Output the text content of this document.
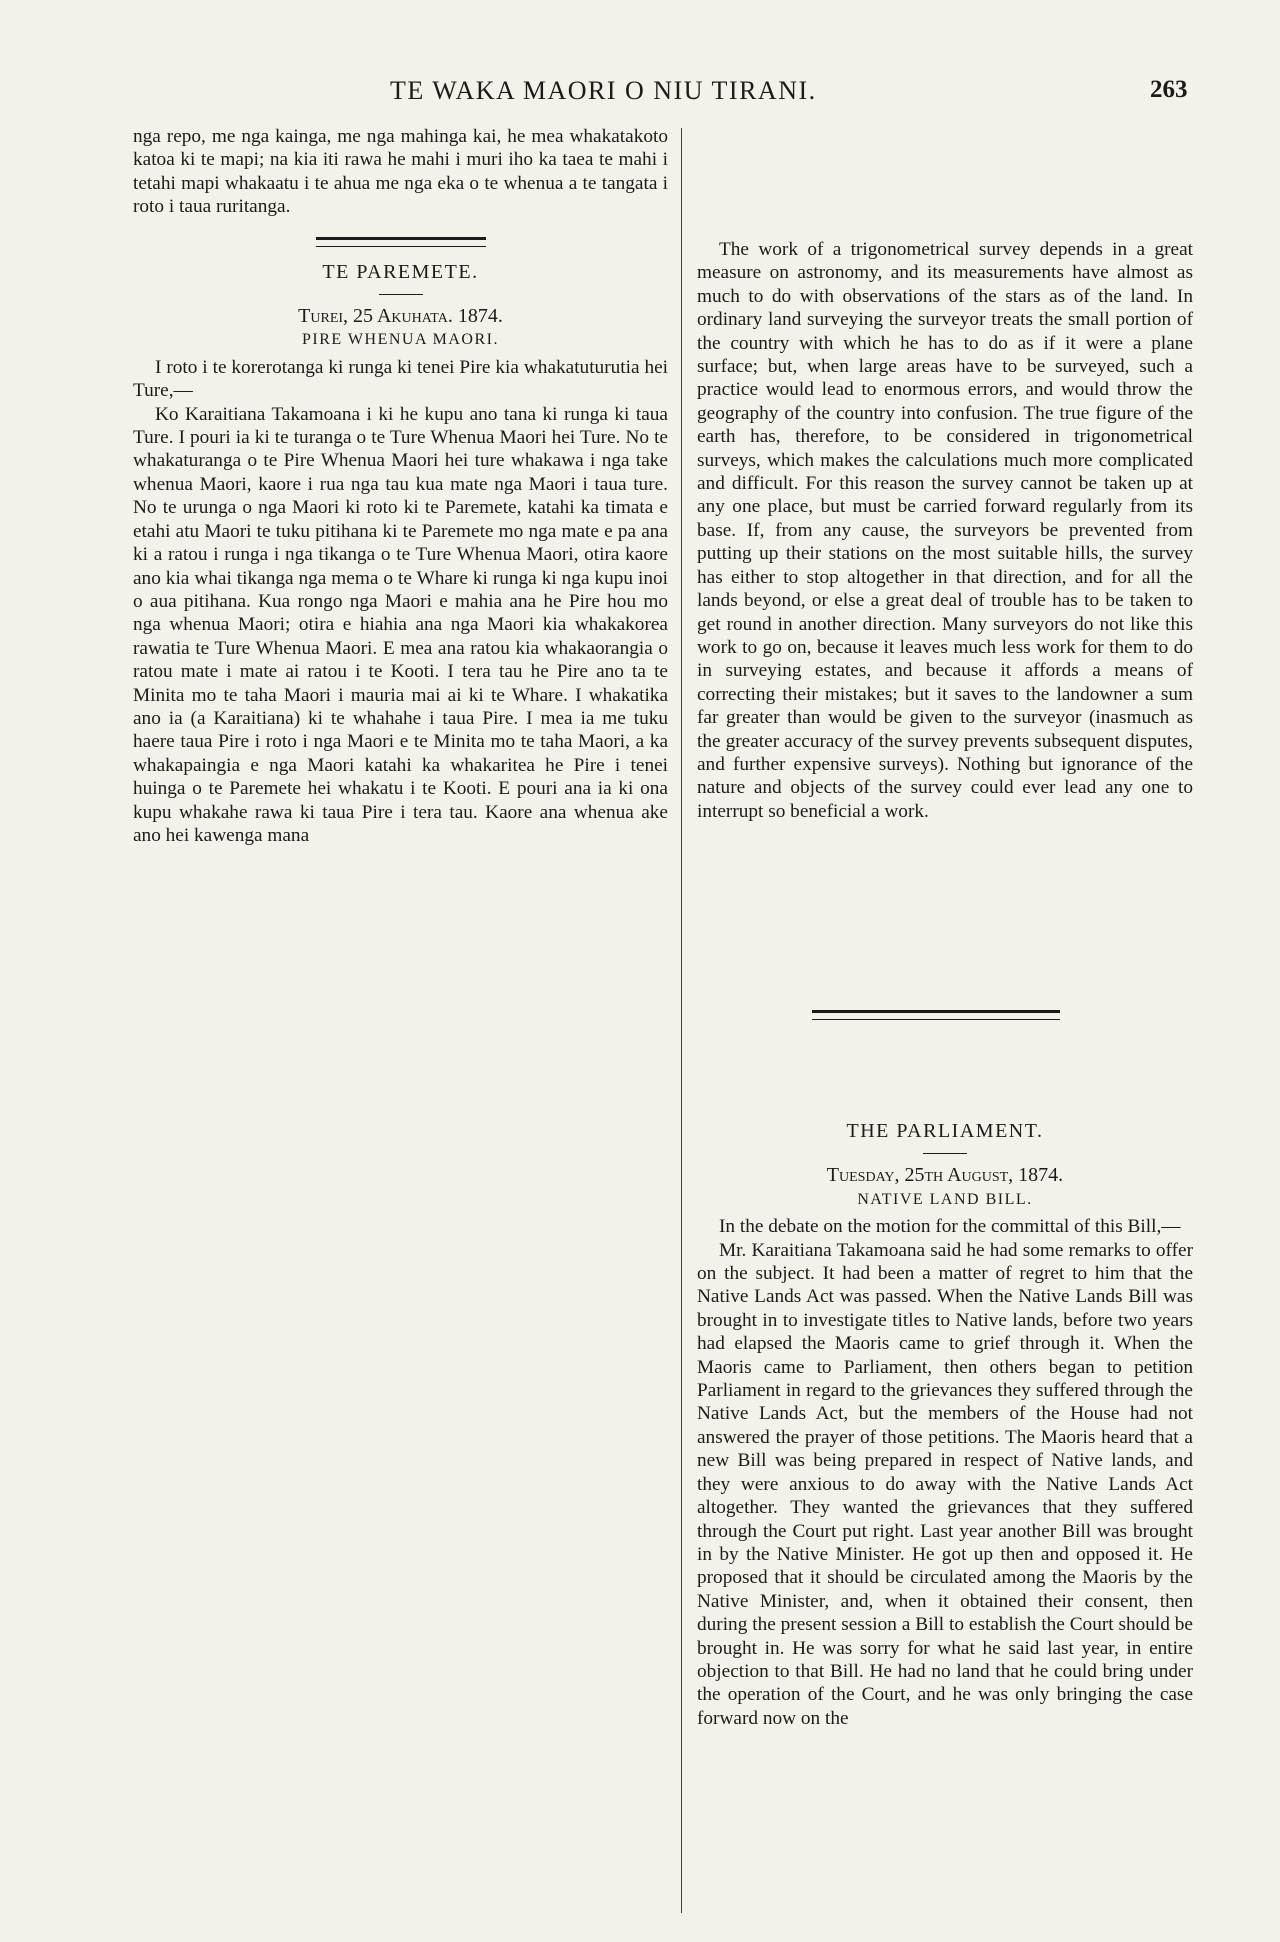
TE WAKA MAORI O NIU TIRANI.	263

nga repo, me nga kainga, me nga mahinga kai, he mea whakatakoto katoa ki te mapi; na kia iti rawa he mahi i muri iho ka taea te mahi i tetahi mapi whakaatu i te ahua me nga eka o te whenua a te tangata i roto i taua ruritanga.

TE PAREMETE.
Turei, 25 Akuhata. 1874.
PIRE WHENUA MAORI.

I roto i te korerotanga ki runga ki tenei Pire kia whakatuturutia hei Ture,—

Ko Karaitiana Takamoana i ki he kupu ano tana ki runga ki taua Ture. I pouri ia ki te turanga o te Ture Whenua Maori hei Ture. No te whakaturanga o te Pire Whenua Maori hei ture whakawa i nga take whenua Maori, kaore i rua nga tau kua mate nga Maori i taua ture. No te urunga o nga Maori ki roto ki te Paremete, katahi ka timata e etahi atu Maori te tuku pitihana ki te Paremete mo nga mate e pa ana ki a ratou i runga i nga tikanga o te Ture Whenua Maori, otira kaore ano kia whai tikanga nga mema o te Whare ki runga ki nga kupu inoi o aua pitihana. Kua rongo nga Maori e mahia ana he Pire hou mo nga whenua Maori; otira e hiahia ana nga Maori kia whakakorea rawatia te Ture Whenua Maori. E mea ana ratou kia whakaorangia o ratou mate i mate ai ratou i te Kooti. I tera tau he Pire ano ta te Minita mo te taha Maori i mauria mai ai ki te Whare. I whakatika ano ia (a Karaitiana) ki te whahahe i taua Pire. I mea ia me tuku haere taua Pire i roto i nga Maori e te Minita mo te taha Maori, a ka whakapaingia e nga Maori katahi ka whakaritea he Pire i tenei huinga o te Paremete hei whakatu i te Kooti. E pouri ana ia ki ona kupu whakahe rawa ki taua Pire i tera tau. Kaore ana whenua ake ano hei kawenga mana

The work of a trigonometrical survey depends in a great measure on astronomy, and its measurements have almost as much to do with observations of the stars as of the land. In ordinary land surveying the surveyor treats the small portion of the country with which he has to do as if it were a plane surface; but, when large areas have to be surveyed, such a practice would lead to enormous errors, and would throw the geography of the country into confusion. The true figure of the earth has, therefore, to be considered in trigonometrical surveys, which makes the calculations much more complicated and difficult. For this reason the survey cannot be taken up at any one place, but must be carried forward regularly from its base. If, from any cause, the surveyors be prevented from putting up their stations on the most suitable hills, the survey has either to stop altogether in that direction, and for all the lands beyond, or else a great deal of trouble has to be taken to get round in another direction. Many surveyors do not like this work to go on, because it leaves much less work for them to do in surveying estates, and because it affords a means of correcting their mistakes; but it saves to the landowner a sum far greater than would be given to the surveyor (inasmuch as the greater accuracy of the survey prevents subsequent disputes, and further expensive surveys). Nothing but ignorance of the nature and objects of the survey could ever lead any one to interrupt so beneficial a work.

THE PARLIAMENT.
Tuesday, 25th August, 1874.
NATIVE LAND BILL.

In the debate on the motion for the committal of this Bill,—

Mr. Karaitiana Takamoana said he had some remarks to offer on the subject. It had been a matter of regret to him that the Native Lands Act was passed. When the Native Lands Bill was brought in to investigate titles to Native lands, before two years had elapsed the Maoris came to grief through it. When the Maoris came to Parliament, then others began to petition Parliament in regard to the grievances they suffered through the Native Lands Act, but the members of the House had not answered the prayer of those petitions. The Maoris heard that a new Bill was being prepared in respect of Native lands, and they were anxious to do away with the Native Lands Act altogether. They wanted the grievances that they suffered through the Court put right. Last year another Bill was brought in by the Native Minister. He got up then and opposed it. He proposed that it should be circulated among the Maoris by the Native Minister, and, when it obtained their consent, then during the present session a Bill to establish the Court should be brought in. He was sorry for what he said last year, in entire objection to that Bill. He had no land that he could bring under the operation of the Court, and he was only bringing the case forward now on the
